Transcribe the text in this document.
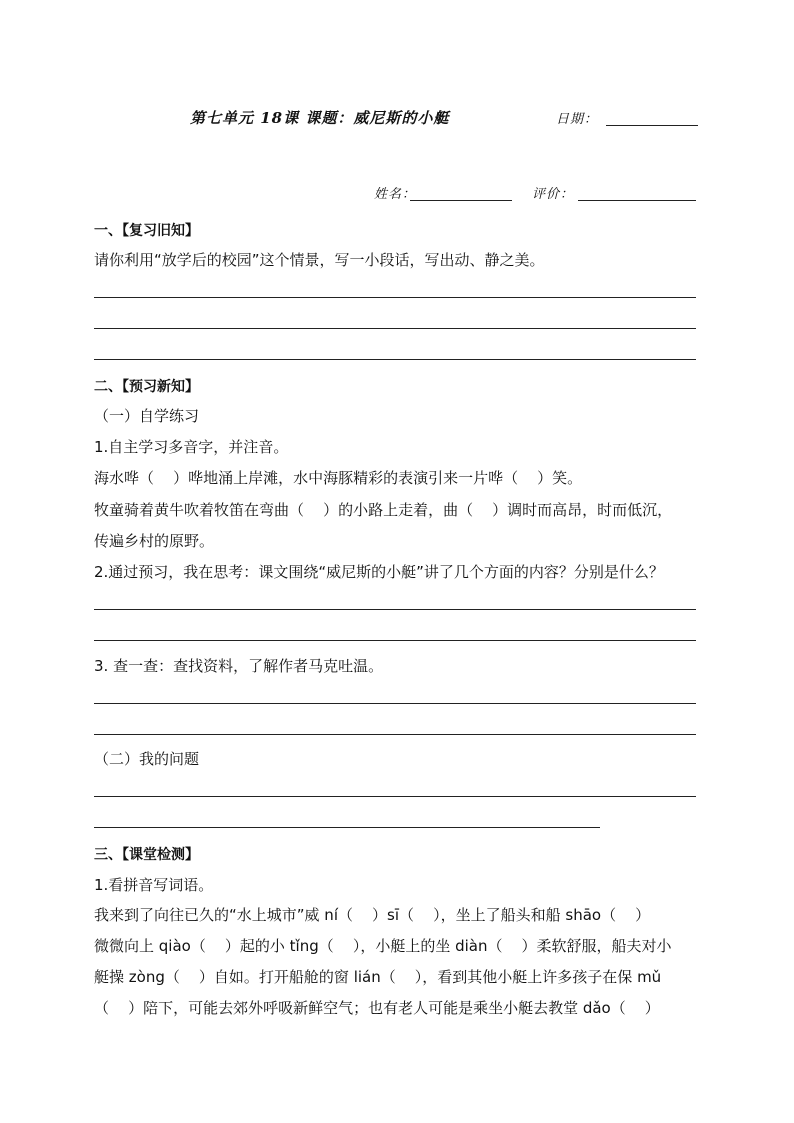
第七单元 18课 课题：威尼斯的小艇	日期：
姓名：	评价：
一、【复习旧知】
请你利用“放学后的校园”这个情景，写一小段话，写出动、静之美。
二、【预习新知】
（一）自学练习
1.自主学习多音字，并注音。
海水哗（    ）哗地涌上岸滩，水中海豚精彩的表演引来一片哗（    ）笑。
牧童骑着黄牛吹着牧笛在弯曲（    ）的小路上走着，曲（    ）调时而高昂，时而低沉，
传遍乡村的原野。
2.通过预习，我在思考：课文围绕“威尼斯的小艇”讲了几个方面的内容？分别是什么？
3. 查一查：查找资料，了解作者马克吐温。
（二）我的问题
三、【课堂检测】
1.看拼音写词语。
我来到了向往已久的“水上城市”威 ní（    ）sī（    ），坐上了船头和船 shāo（    ）
微微向上 qiào（    ）起的小 tǐng（    ），小艇上的坐 diàn（    ）柔软舒服，船夫对小
艇操 zòng（    ）自如。打开船舱的窗 lián（    ），看到其他小艇上许多孩子在保 mǔ
（    ）陪下，可能去郊外呼吸新鲜空气；也有老人可能是乘坐小艇去教堂 dǎo（    ）
